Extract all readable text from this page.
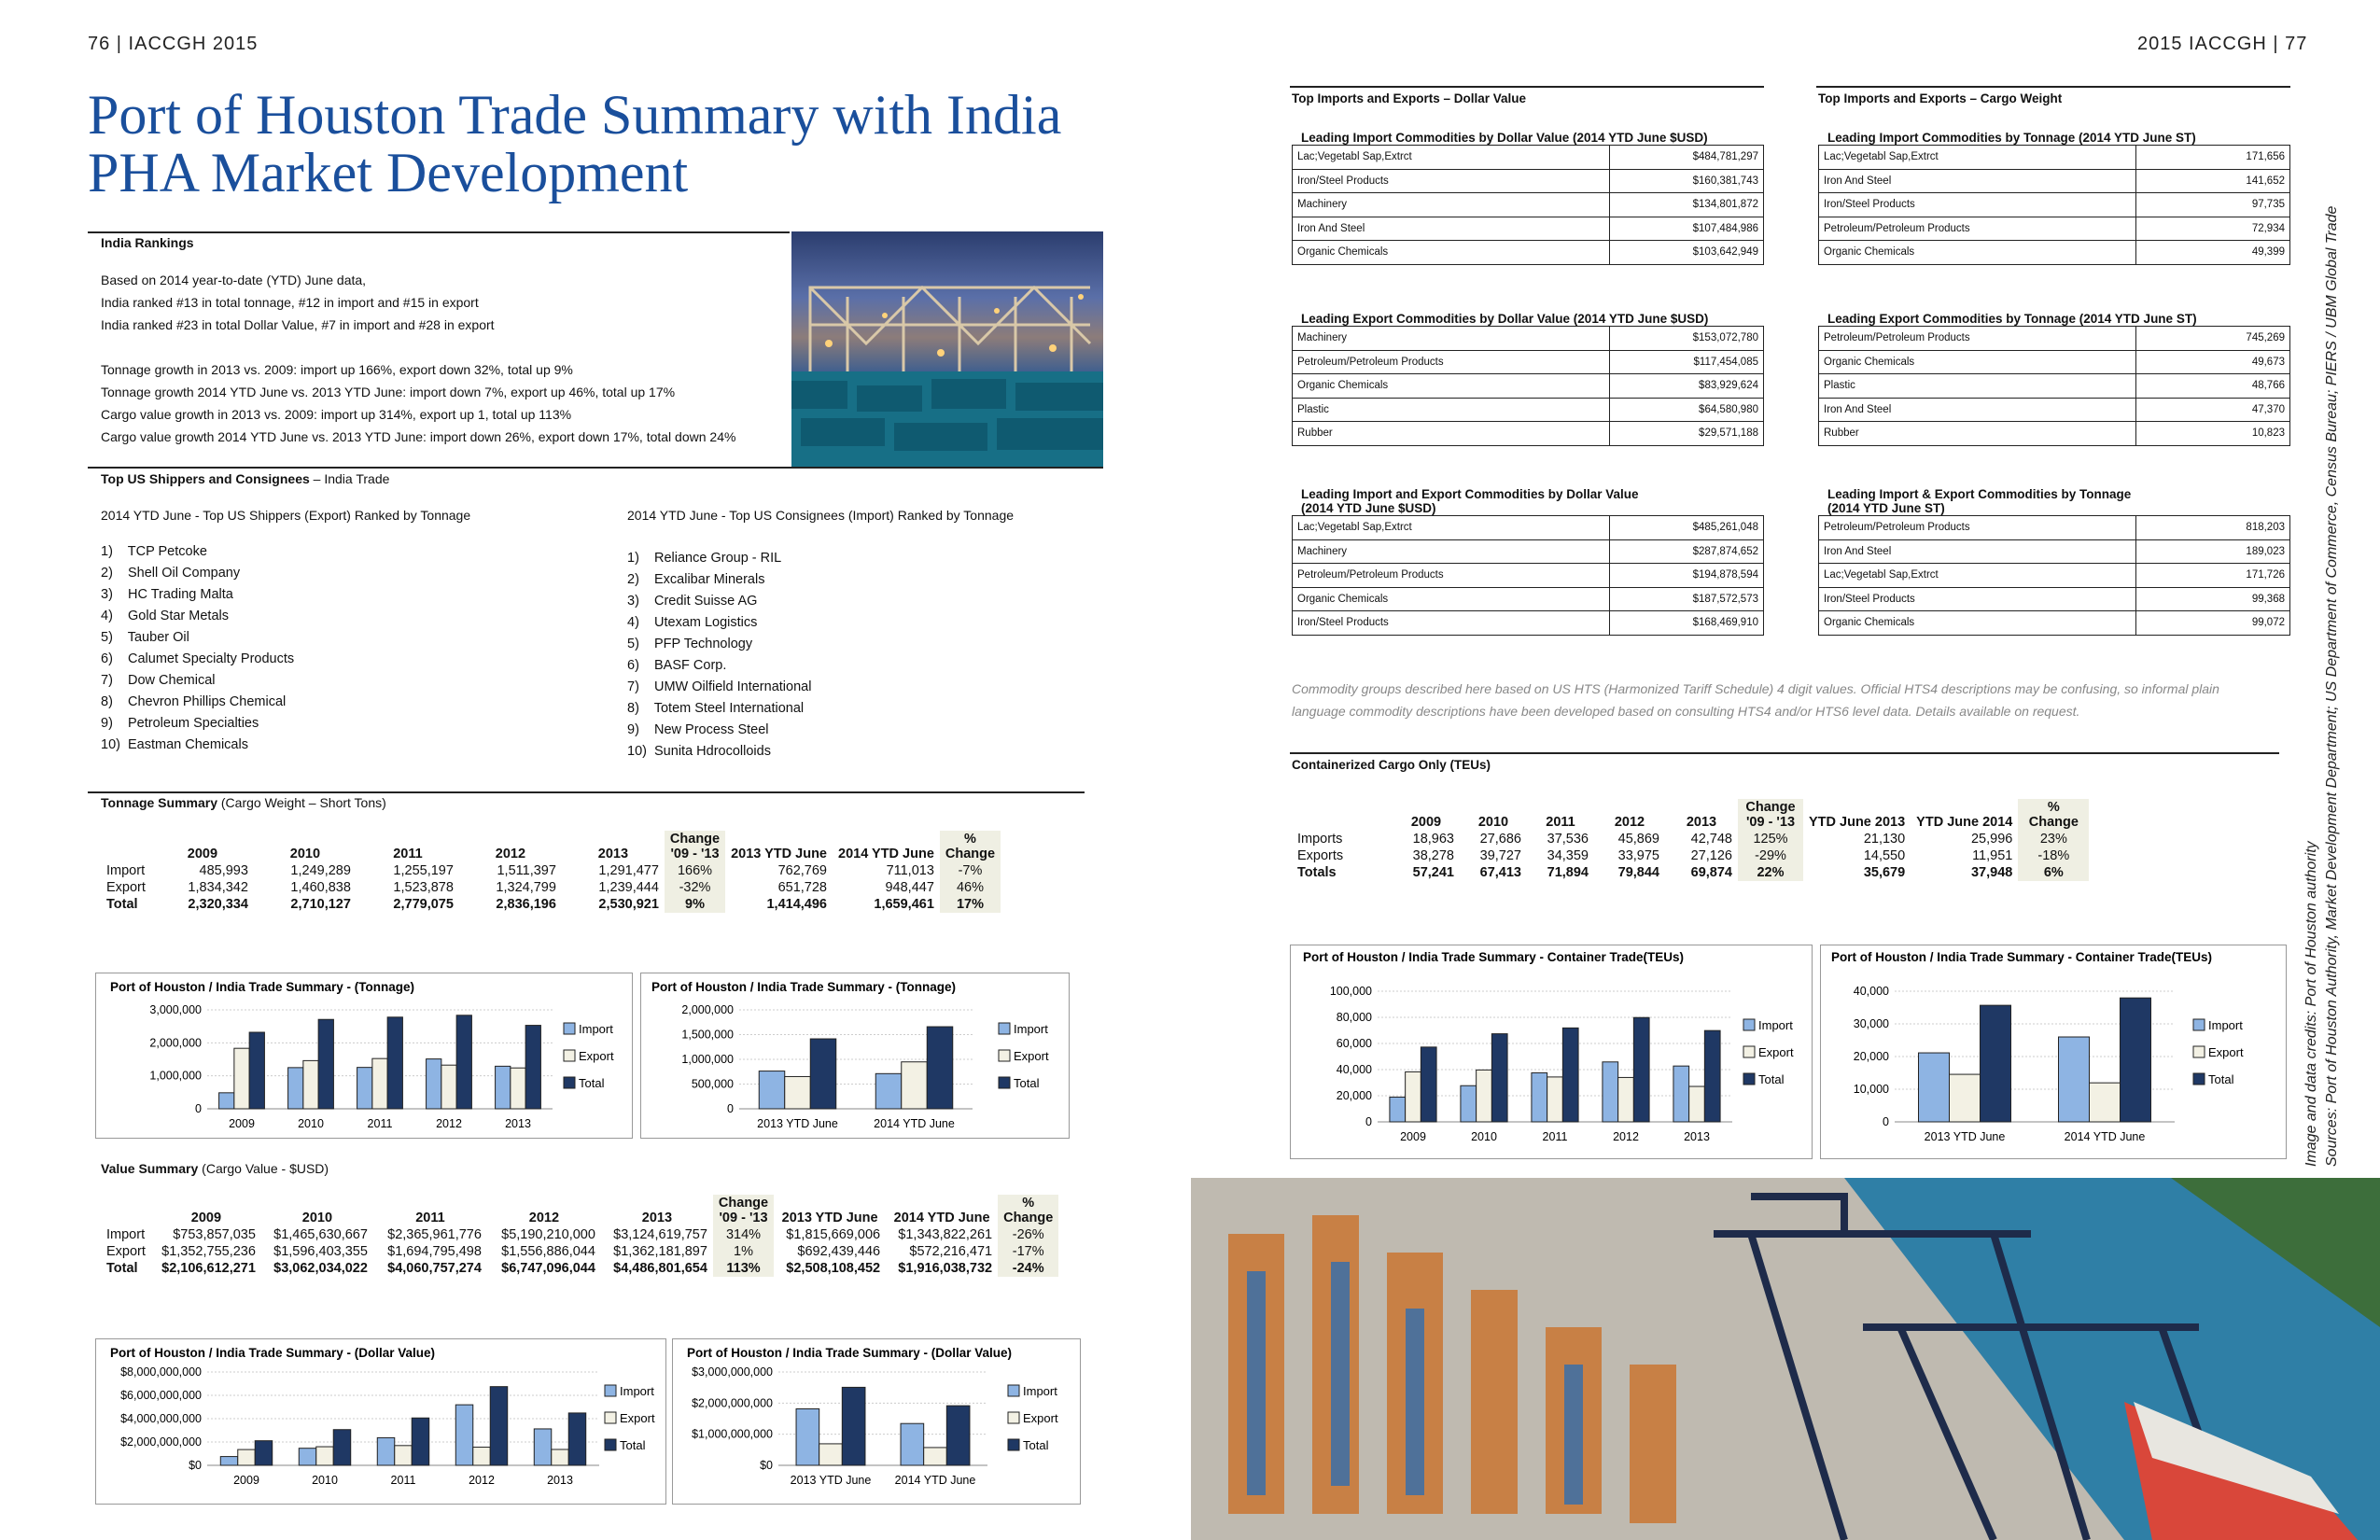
76 | IACCGH 2015	2015 IACCGH | 77
Port of Houston Trade Summary with India
PHA Market Development
India Rankings
Based on 2014 year-to-date (YTD) June data,
India ranked #13 in total tonnage, #12 in import and #15 in export
India ranked #23 in total Dollar Value, #7 in import and #28 in export
Tonnage growth in 2013 vs. 2009: import up 166%, export down 32%, total up 9%
Tonnage growth 2014 YTD June vs. 2013 YTD June: import down 7%, export up 46%, total up 17%
Cargo value growth in 2013 vs. 2009: import up 314%, export up 1, total up 113%
Cargo value growth 2014 YTD June vs. 2013 YTD June: import down 26%, export down 17%, total down 24%
Top US Shippers and Consignees – India Trade
2014 YTD June - Top US Shippers (Export) Ranked by Tonnage	2014 YTD June - Top US Consignees (Import) Ranked by Tonnage
1)    TCP Petcoke
2)    Shell Oil Company
3)    HC Trading Malta
4)    Gold Star Metals
5)    Tauber Oil
6)    Calumet Specialty Products
7)    Dow Chemical
8)    Chevron Phillips Chemical
9)    Petroleum Specialties
10)  Eastman Chemicals
1)    Reliance Group - RIL
2)    Excalibar Minerals
3)    Credit Suisse AG
4)    Utexam Logistics
5)    PFP Technology
6)    BASF Corp.
7)    UMW Oilfield International
8)    Totem Steel International
9)    New Process Steel
10)  Sunita Hdrocolloids
Tonnage Summary (Cargo Weight – Short Tons)
	2009	2010	2011	2012	2013	Change
'09 - '13	2013 YTD June	2014 YTD June	%
Change
Import	485,993	1,249,289	1,255,197	1,511,397	1,291,477	166%	762,769	711,013	-7%
Export	1,834,342	1,460,838	1,523,878	1,324,799	1,239,444	-32%	651,728	948,447	46%
Total	2,320,334	2,710,127	2,779,075	2,836,196	2,530,921	9%	1,414,496	1,659,461	17%
Value Summary (Cargo Value - $USD)
	2009	2010	2011	2012	2013	Change
'09 - '13	2013 YTD June	2014 YTD June	%
Change
Import	$753,857,035	$1,465,630,667	$2,365,961,776	$5,190,210,000	$3,124,619,757	314%	$1,815,669,006	$1,343,822,261	-26%
Export	$1,352,755,236	$1,596,403,355	$1,694,795,498	$1,556,886,044	$1,362,181,897	1%	$692,439,446	$572,216,471	-17%
Total	$2,106,612,271	$3,062,034,022	$4,060,757,274	$6,747,096,044	$4,486,801,654	113%	$2,508,108,452	$1,916,038,732	-24%
Top Imports and Exports – Dollar Value	Top Imports and Exports – Cargo Weight
Leading Import Commodities by Dollar Value (2014 YTD June $USD)
Lac;Vegetabl Sap,Extrct	$484,781,297
Iron/Steel Products	$160,381,743
Machinery	$134,801,872
Iron And Steel	$107,484,986
Organic Chemicals	$103,642,949
Leading Import Commodities by Tonnage (2014 YTD June ST)
Lac;Vegetabl Sap,Extrct	171,656
Iron And Steel	141,652
Iron/Steel Products	97,735
Petroleum/Petroleum Products	72,934
Organic Chemicals	49,399
Leading Export Commodities by Dollar Value (2014 YTD June $USD)
Machinery	$153,072,780
Petroleum/Petroleum Products	$117,454,085
Organic Chemicals	$83,929,624
Plastic	$64,580,980
Rubber	$29,571,188
Leading Export Commodities by Tonnage (2014 YTD June ST)
Petroleum/Petroleum Products	745,269
Organic Chemicals	49,673
Plastic	48,766
Iron And Steel	47,370
Rubber	10,823
Leading Import and Export Commodities by Dollar Value
(2014 YTD June $USD)
Lac;Vegetabl Sap,Extrct	$485,261,048
Machinery	$287,874,652
Petroleum/Petroleum Products	$194,878,594
Organic Chemicals	$187,572,573
Iron/Steel Products	$168,469,910
Leading Import & Export Commodities by Tonnage
(2014 YTD June ST)
Petroleum/Petroleum Products	818,203
Iron And Steel	189,023
Lac;Vegetabl Sap,Extrct	171,726
Iron/Steel Products	99,368
Organic Chemicals	99,072
Commodity groups described here based on US HTS (Harmonized Tariff Schedule) 4 digit values. Official HTS4 descriptions may be confusing, so informal plain
language commodity descriptions have been developed based on consulting HTS4 and/or HTS6 level data. Details available on request.
Containerized Cargo Only (TEUs)
	2009	2010	2011	2012	2013	Change
'09 - '13	YTD June 2013	YTD June 2014	%
Change
Imports	18,963	27,686	37,536	45,869	42,748	125%	21,130	25,996	23%
Exports	38,278	39,727	34,359	33,975	27,126	-29%	14,550	11,951	-18%
Totals	57,241	67,413	71,894	79,844	69,874	22%	35,679	37,948	6%
Port of Houston / India Trade Summary - (Tonnage)
0
1,000,000
2,000,000
3,000,000
2009	2010	2011	2012	2013
Import
Export
Total
Port of Houston / India Trade Summary - (Tonnage)
0
500,000
1,000,000
1,500,000
2,000,000
2013 YTD June	2014 YTD June
Import
Export
Total
Port of Houston / India Trade Summary - (Dollar Value)
$0
$2,000,000,000
$4,000,000,000
$6,000,000,000
$8,000,000,000
2009	2010	2011	2012	2013
Import
Export
Total
Port of Houston / India Trade Summary - (Dollar Value)
$0
$1,000,000,000
$2,000,000,000
$3,000,000,000
2013 YTD June 2014 YTD June
Import
Export
Total
Port of Houston / India Trade Summary - Container Trade(TEUs)
0
20,000
40,000
60,000
80,000
100,000
2009	2010	2011	2012	2013
Import
Export
Total
Port of Houston / India Trade Summary - Container Trade(TEUs)
0
10,000
20,000
30,000
40,000
2013 YTD June	2014 YTD June
Import
Export
Total	Image and data credits: Port of Houston authority Sources: Port of Houston Authority, Market Development Department; US Department of Commerce, Census Bureau; PIERS / UBM Global Trade
